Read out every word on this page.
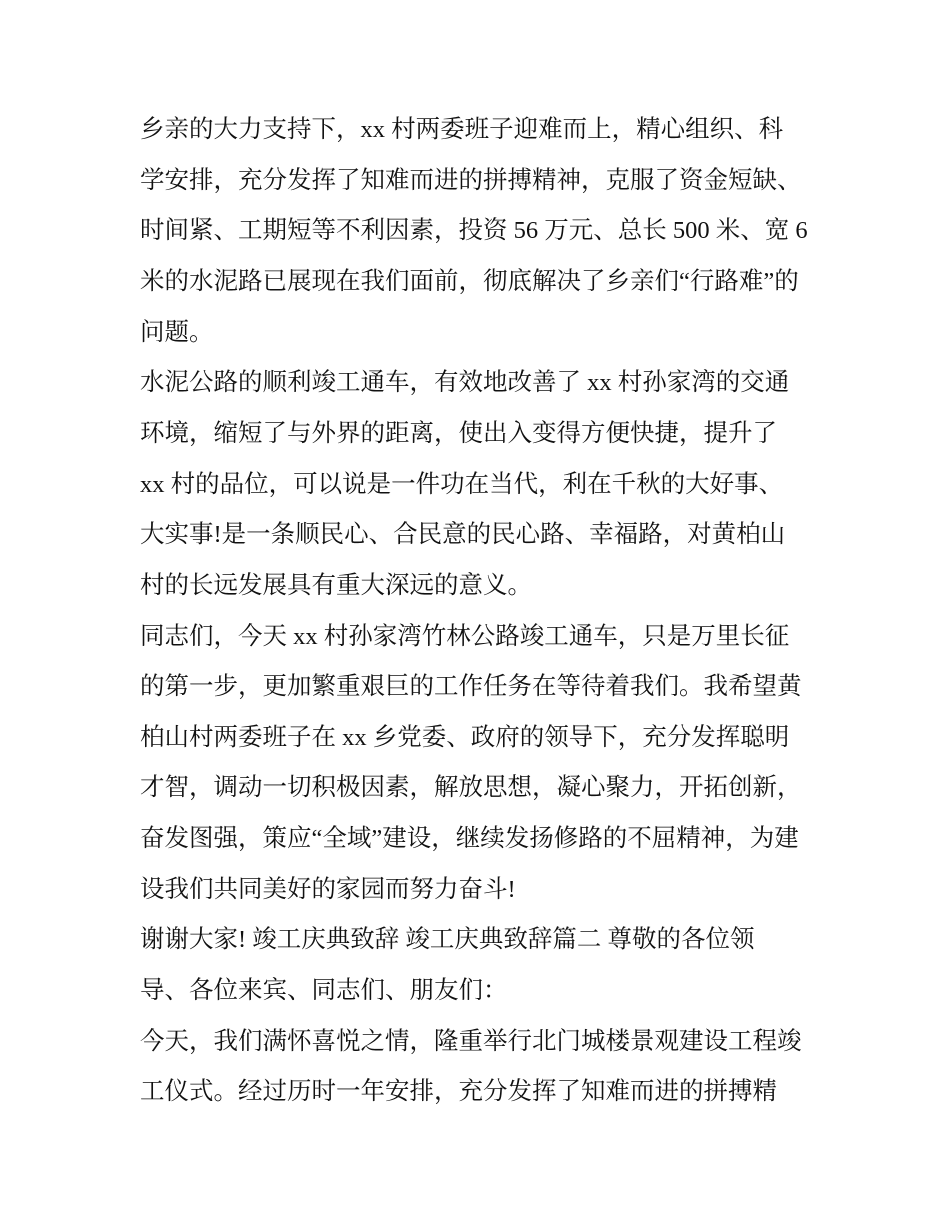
乡亲的大力支持下，xx 村两委班子迎难而上，精心组织、科
学安排，充分发挥了知难而进的拼搏精神，克服了资金短缺、
时间紧、工期短等不利因素，投资 56 万元、总长 500 米、宽 6
米的水泥路已展现在我们面前，彻底解决了乡亲们“行路难”的
问题。
水泥公路的顺利竣工通车，有效地改善了 xx 村孙家湾的交通
环境，缩短了与外界的距离，使出入变得方便快捷，提升了
xx 村的品位，可以说是一件功在当代，利在千秋的大好事、
大实事!是一条顺民心、合民意的民心路、幸福路，对黄柏山
村的长远发展具有重大深远的意义。
同志们，今天 xx 村孙家湾竹林公路竣工通车，只是万里长征
的第一步，更加繁重艰巨的工作任务在等待着我们。我希望黄
柏山村两委班子在 xx 乡党委、政府的领导下，充分发挥聪明
才智，调动一切积极因素，解放思想，凝心聚力，开拓创新，
奋发图强，策应“全域”建设，继续发扬修路的不屈精神，为建
设我们共同美好的家园而努力奋斗!
谢谢大家! 竣工庆典致辞 竣工庆典致辞篇二 尊敬的各位领
导、各位来宾、同志们、朋友们：
今天，我们满怀喜悦之情，隆重举行北门城楼景观建设工程竣
工仪式。经过历时一年安排，充分发挥了知难而进的拼搏精
